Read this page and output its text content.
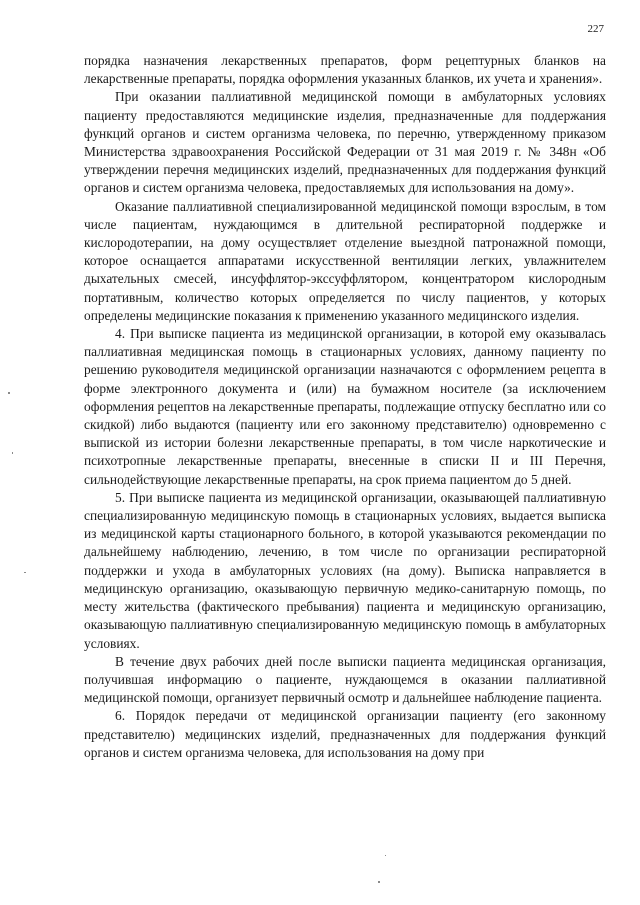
227

порядка назначения лекарственных препаратов, форм рецептурных бланков на лекарственные препараты, порядка оформления указанных бланков, их учета и хранения».

При оказании паллиативной медицинской помощи в амбулаторных условиях пациенту предоставляются медицинские изделия, предназначенные для поддержания функций органов и систем организма человека, по перечню, утвержденному приказом Министерства здравоохранения Российской Федерации от 31 мая 2019 г. № 348н «Об утверждении перечня медицинских изделий, предназначенных для поддержания функций органов и систем организма человека, предоставляемых для использования на дому».

Оказание паллиативной специализированной медицинской помощи взрослым, в том числе пациентам, нуждающимся в длительной респираторной поддержке и кислородотерапии, на дому осуществляет отделение выездной патронажной помощи, которое оснащается аппаратами искусственной вентиляции легких, увлажнителем дыхательных смесей, инсуффлятор-экссуффлятором, концентратором кислородным портативным, количество которых определяется по числу пациентов, у которых определены медицинские показания к применению указанного медицинского изделия.

4. При выписке пациента из медицинской организации, в которой ему оказывалась паллиативная медицинская помощь в стационарных условиях, данному пациенту по решению руководителя медицинской организации назначаются с оформлением рецепта в форме электронного документа и (или) на бумажном носителе (за исключением оформления рецептов на лекарственные препараты, подлежащие отпуску бесплатно или со скидкой) либо выдаются (пациенту или его законному представителю) одновременно с выпиской из истории болезни лекарственные препараты, в том числе наркотические и психотропные лекарственные препараты, внесенные в списки II и III Перечня, сильнодействующие лекарственные препараты, на срок приема пациентом до 5 дней.

5. При выписке пациента из медицинской организации, оказывающей паллиативную специализированную медицинскую помощь в стационарных условиях, выдается выписка из медицинской карты стационарного больного, в которой указываются рекомендации по дальнейшему наблюдению, лечению, в том числе по организации респираторной поддержки и ухода в амбулаторных условиях (на дому). Выписка направляется в медицинскую организацию, оказывающую первичную медико-санитарную помощь, по месту жительства (фактического пребывания) пациента и медицинскую организацию, оказывающую паллиативную специализированную медицинскую помощь в амбулаторных условиях.

В течение двух рабочих дней после выписки пациента медицинская организация, получившая информацию о пациенте, нуждающемся в оказании паллиативной медицинской помощи, организует первичный осмотр и дальнейшее наблюдение пациента.

6. Порядок передачи от медицинской организации пациенту (его законному представителю) медицинских изделий, предназначенных для поддержания функций органов и систем организма человека, для использования на дому при
